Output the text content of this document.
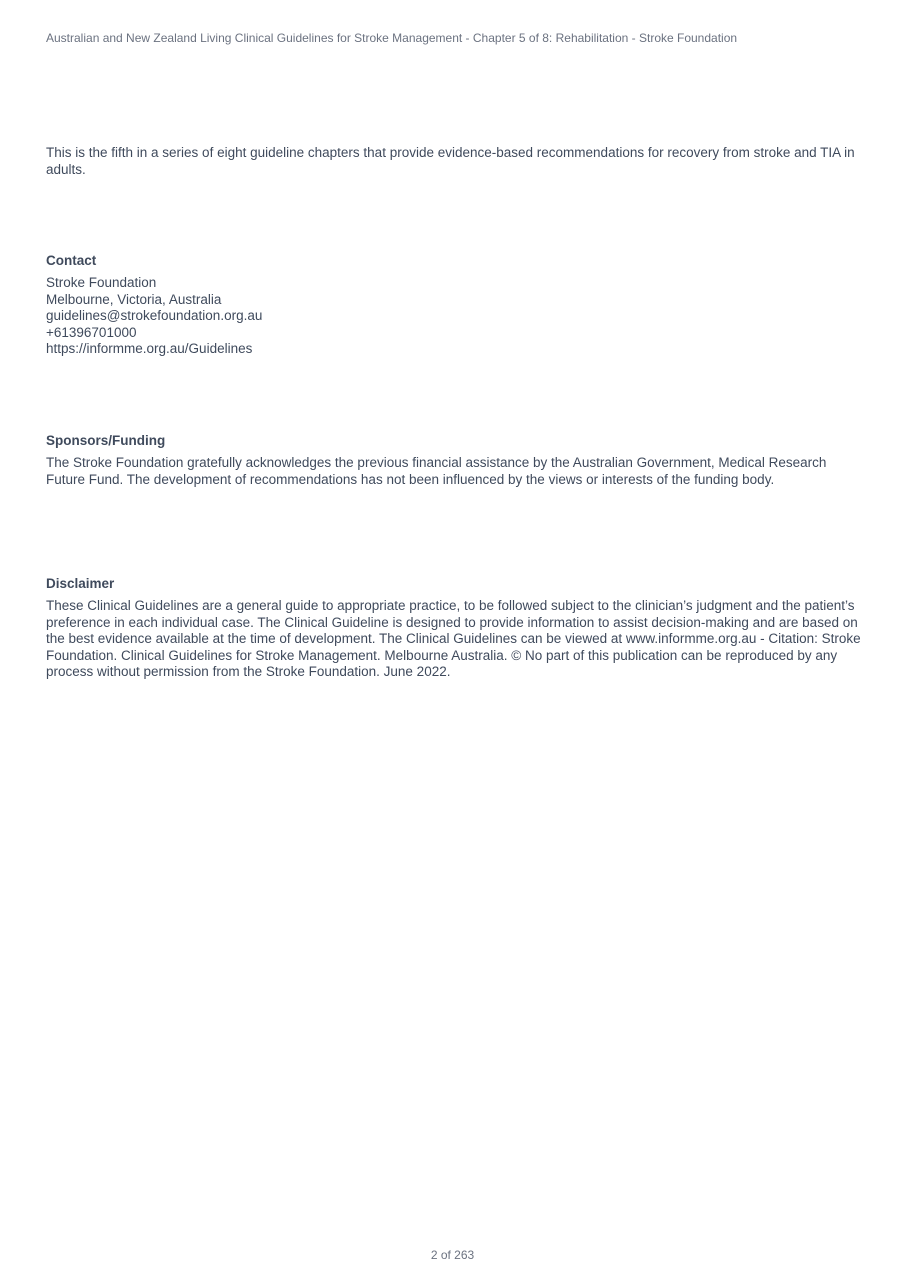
Australian and New Zealand Living Clinical Guidelines for Stroke Management - Chapter 5 of 8: Rehabilitation - Stroke Foundation

This is the fifth in a series of eight guideline chapters that provide evidence-based recommendations for recovery from stroke and TIA in adults.

Contact
Stroke Foundation
Melbourne, Victoria, Australia
guidelines@strokefoundation.org.au
+61396701000
https://informme.org.au/Guidelines
Sponsors/Funding

The Stroke Foundation gratefully acknowledges the previous financial assistance by the Australian Government, Medical Research Future Fund. The development of recommendations has not been influenced by the views or interests of the funding body.

Disclaimer

These Clinical Guidelines are a general guide to appropriate practice, to be followed subject to the clinician’s judgment and the patient’s preference in each individual case. The Clinical Guideline is designed to provide information to assist decision-making and are based on the best evidence available at the time of development. The Clinical Guidelines can be viewed at www.informme.org.au - Citation: Stroke Foundation. Clinical Guidelines for Stroke Management. Melbourne Australia. © No part of this publication can be reproduced by any process without permission from the Stroke Foundation. June 2022.

2 of 263
